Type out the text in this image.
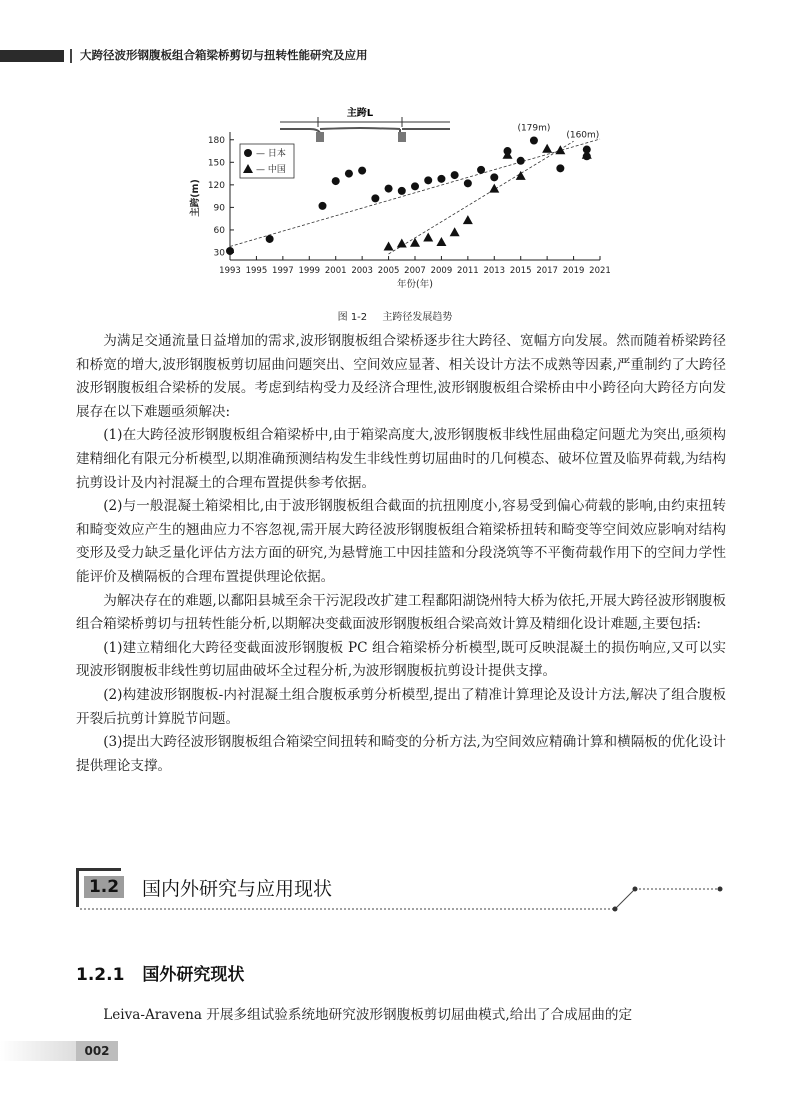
大跨径波形钢腹板组合箱梁桥剪切与扭转性能研究及应用
主跨L
30
60
90
120
150
180
1993 1995 1997 1999 2001 2003 2005 2007 2009 2011 2013 2015 2017 2019 2021
年份(年)
主跨(m)
— 日本
— 中国
(179m)
(160m)
图 1-2 主跨径发展趋势

为满足交通流量日益增加的需求,波形钢腹板组合梁桥逐步往大跨径、宽幅方向发展。然而随着桥梁跨径和桥宽的增大,波形钢腹板剪切屈曲问题突出、空间效应显著、相关设计方法不成熟等因素,严重制约了大跨径波形钢腹板组合梁桥的发展。考虑到结构受力及经济合理性,波形钢腹板组合梁桥由中小跨径向大跨径方向发展存在以下难题亟须解决:

(1)在大跨径波形钢腹板组合箱梁桥中,由于箱梁高度大,波形钢腹板非线性屈曲稳定问题尤为突出,亟须构建精细化有限元分析模型,以期准确预测结构发生非线性剪切屈曲时的几何模态、破坏位置及临界荷载,为结构抗剪设计及内衬混凝土的合理布置提供参考依据。

(2)与一般混凝土箱梁相比,由于波形钢腹板组合截面的抗扭刚度小,容易受到偏心荷载的影响,由约束扭转和畸变效应产生的翘曲应力不容忽视,需开展大跨径波形钢腹板组合箱梁桥扭转和畸变等空间效应影响对结构变形及受力缺乏量化评估方法方面的研究,为悬臂施工中因挂篮和分段浇筑等不平衡荷载作用下的空间力学性能评价及横隔板的合理布置提供理论依据。

为解决存在的难题,以鄱阳县城至余干污泥段改扩建工程鄱阳湖饶州特大桥为依托,开展大跨径波形钢腹板组合箱梁桥剪切与扭转性能分析,以期解决变截面波形钢腹板组合梁高效计算及精细化设计难题,主要包括:

(1)建立精细化大跨径变截面波形钢腹板 PC 组合箱梁桥分析模型,既可反映混凝土的损伤响应,又可以实现波形钢腹板非线性剪切屈曲破坏全过程分析,为波形钢腹板抗剪设计提供支撑。

(2)构建波形钢腹板-内衬混凝土组合腹板承剪分析模型,提出了精准计算理论及设计方法,解决了组合腹板开裂后抗剪计算脱节问题。

(3)提出大跨径波形钢腹板组合箱梁空间扭转和畸变的分析方法,为空间效应精确计算和横隔板的优化设计提供理论支撑。

1.2 国内外研究与应用现状
1.2.1 国外研究现状
Leiva-Aravena 开展多组试验系统地研究波形钢腹板剪切屈曲模式,给出了合成屈曲的定
002
